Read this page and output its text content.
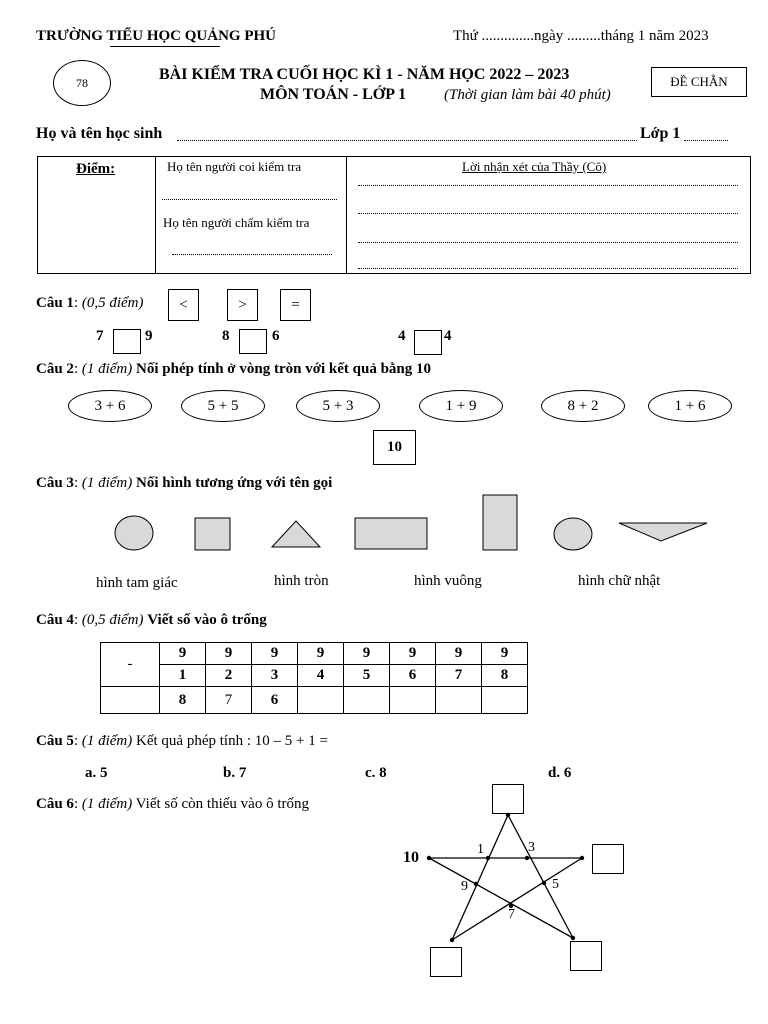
TRƯỜNG TIỂU HỌC QUẢNG PHÚ	Thứ ..............ngày .........tháng 1 năm 2023
78	BÀI KIỂM TRA CUỐI HỌC KÌ 1 - NĂM HỌC 2022 – 2023
MÔN TOÁN - LỚP 1	(Thời gian làm bài 40 phút)
ĐỀ CHẴN
Họ và tên học sinh	Lớp 1
Điểm:	Họ tên người coi kiểm tra
Họ tên người chấm kiểm tra
Lời nhận xét của Thầy (Cô)
Câu 1: (0,5 điểm) <	>	=
7	9	8	6	4	4
Câu 2: (1 điểm) Nối phép tính ở vòng tròn với kết quả bằng 10
3 + 6	5 + 5	5 + 3	1 + 9	8 + 2	1 + 6
10
Câu 3: (1 điểm) Nối hình tương ứng với tên gọi
hình tam giác	hình tròn	hình vuông	hình chữ nhật
Câu 4: (0,5 điểm) Viết số vào ô trống
-	9	9	9	9	9	9	9	9
	1	2	3	4	5	6	7	8
	8	7	6					
Câu 5: (1 điểm) Kết quả phép tính : 10 – 5 + 1 =
a. 5	b. 7	c. 8	d. 6
Câu 6: (1 điểm) Viết số còn thiếu vào ô trống
10	1	3
9	5
7
